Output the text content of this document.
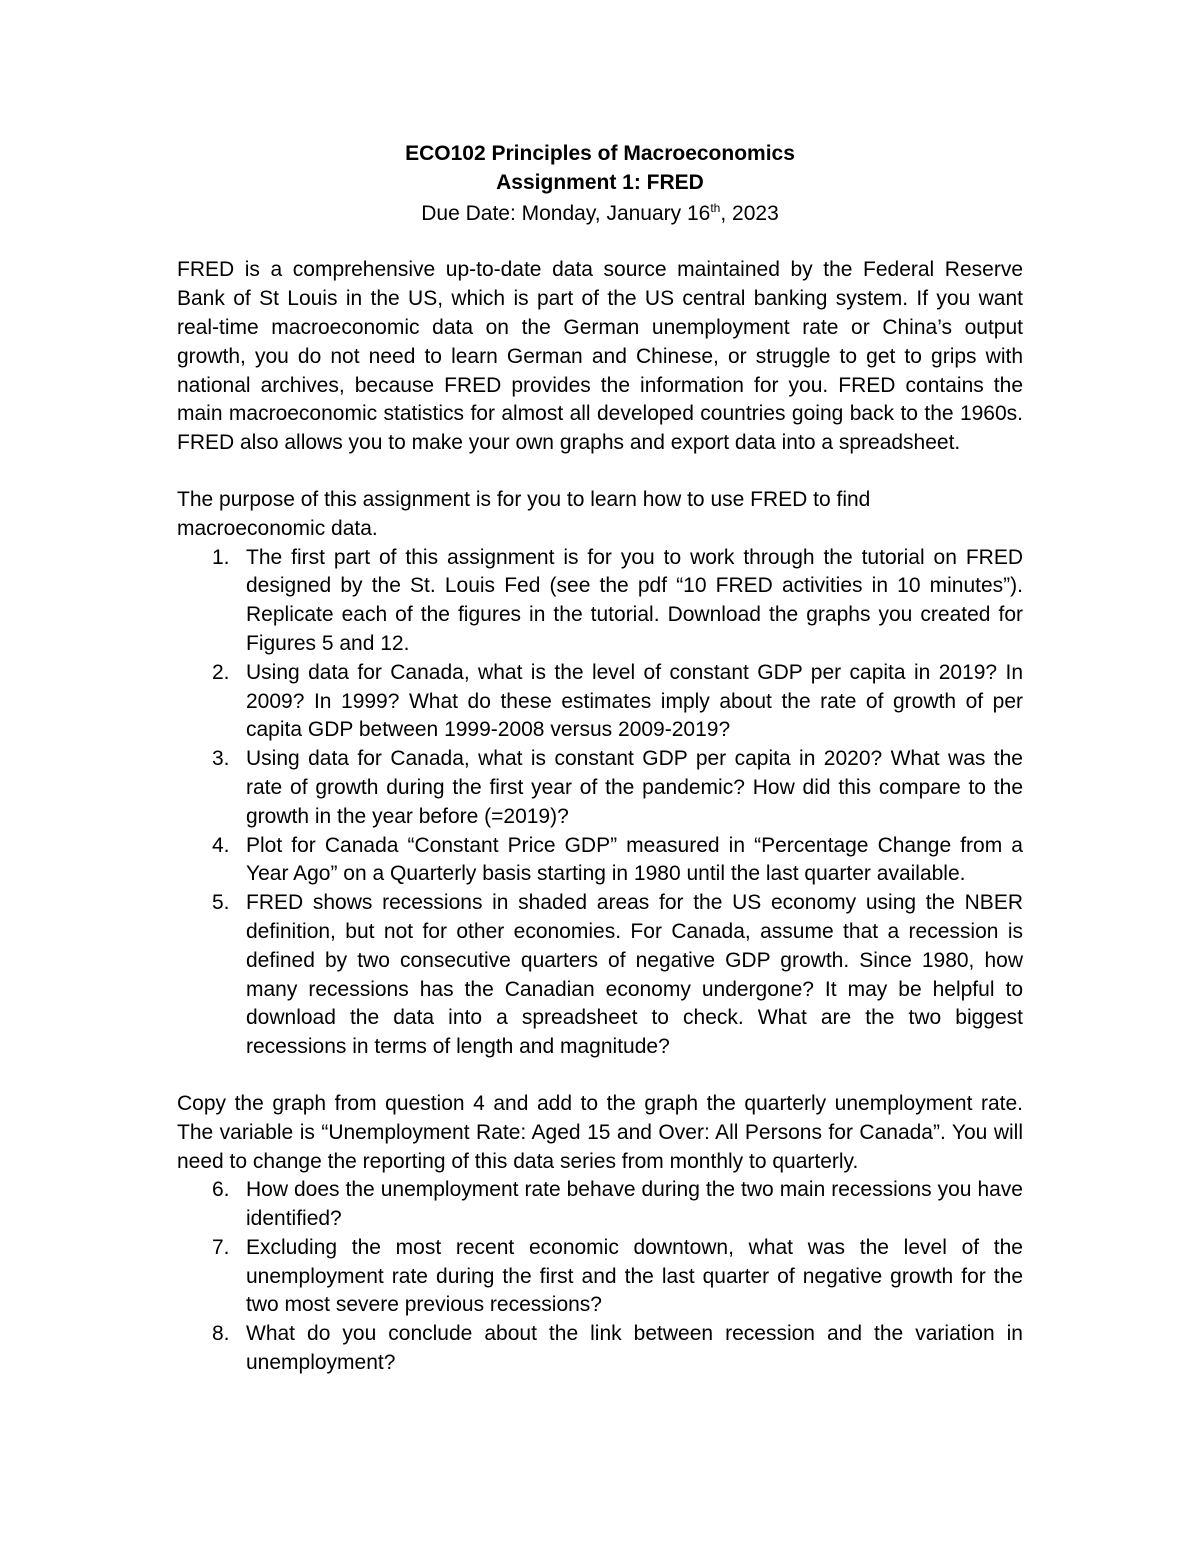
ECO102 Principles of Macroeconomics
Assignment 1: FRED
Due Date: Monday, January 16th, 2023

FRED is a comprehensive up-to-date data source maintained by the Federal Reserve Bank of St Louis in the US, which is part of the US central banking system. If you want real-time macroeconomic data on the German unemployment rate or China’s output growth, you do not need to learn German and Chinese, or struggle to get to grips with national archives, because FRED provides the information for you. FRED contains the main macroeconomic statistics for almost all developed countries going back to the 1960s. FRED also allows you to make your own graphs and export data into a spreadsheet.

The purpose of this assignment is for you to learn how to use FRED to find macroeconomic data.

1. The first part of this assignment is for you to work through the tutorial on FRED designed by the St. Louis Fed (see the pdf “10 FRED activities in 10 minutes”). Replicate each of the figures in the tutorial. Download the graphs you created for Figures 5 and 12.
2. Using data for Canada, what is the level of constant GDP per capita in 2019? In 2009? In 1999? What do these estimates imply about the rate of growth of per capita GDP between 1999-2008 versus 2009-2019?
3. Using data for Canada, what is constant GDP per capita in 2020? What was the rate of growth during the first year of the pandemic? How did this compare to the growth in the year before (=2019)?
4. Plot for Canada “Constant Price GDP” measured in “Percentage Change from a Year Ago” on a Quarterly basis starting in 1980 until the last quarter available.
5. FRED shows recessions in shaded areas for the US economy using the NBER definition, but not for other economies. For Canada, assume that a recession is defined by two consecutive quarters of negative GDP growth. Since 1980, how many recessions has the Canadian economy undergone? It may be helpful to download the data into a spreadsheet to check. What are the two biggest recessions in terms of length and magnitude?

Copy the graph from question 4 and add to the graph the quarterly unemployment rate. The variable is “Unemployment Rate: Aged 15 and Over: All Persons for Canada”. You will need to change the reporting of this data series from monthly to quarterly.

6. How does the unemployment rate behave during the two main recessions you have identified?
7. Excluding the most recent economic downtown, what was the level of the unemployment rate during the first and the last quarter of negative growth for the two most severe previous recessions?
8. What do you conclude about the link between recession and the variation in unemployment?
